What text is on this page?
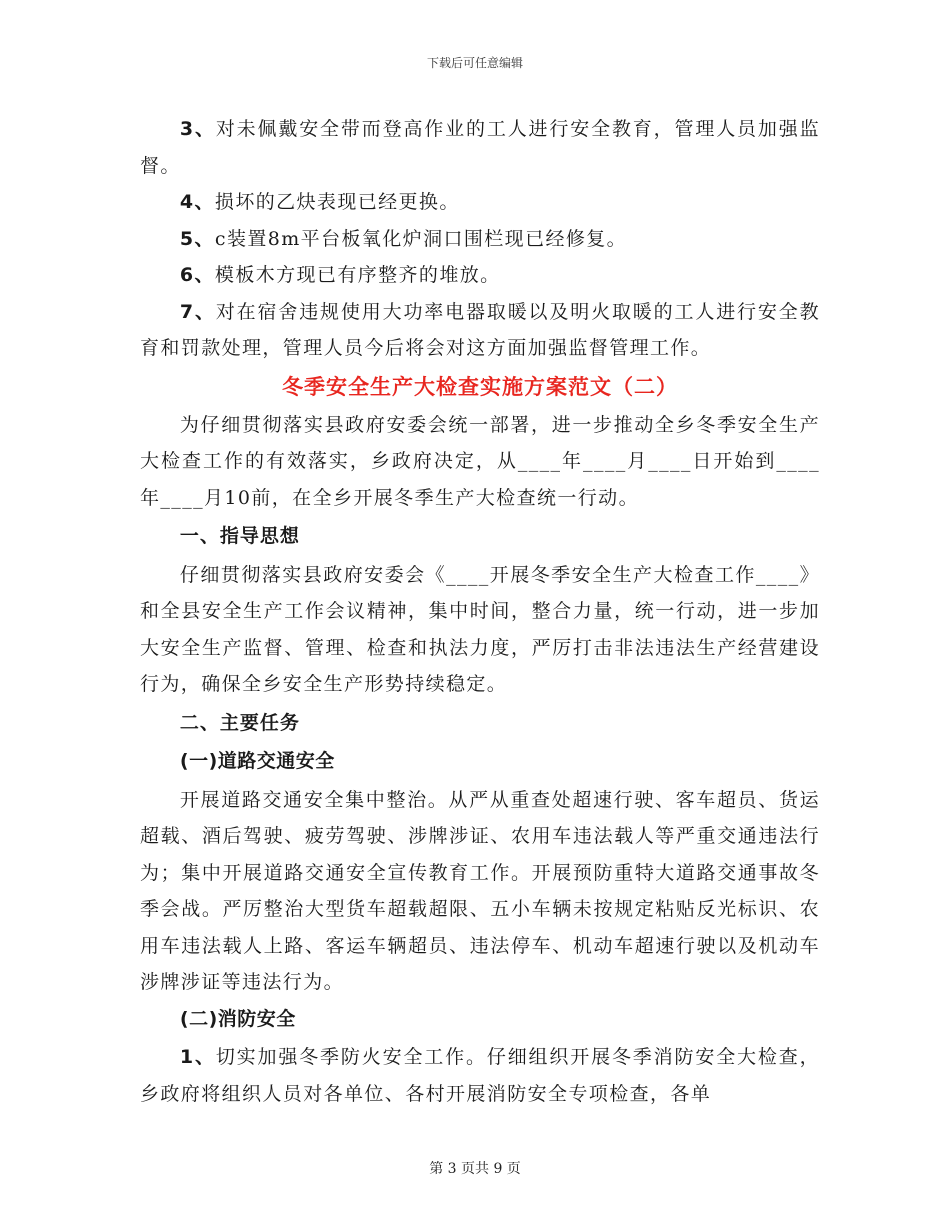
下载后可任意编辑

3、对未佩戴安全带而登高作业的工人进行安全教育，管理人员加强监督。

4、损坏的乙炔表现已经更换。

5、c装置8m平台板氧化炉洞口围栏现已经修复。

6、模板木方现已有序整齐的堆放。

7、对在宿舍违规使用大功率电器取暖以及明火取暖的工人进行安全教育和罚款处理，管理人员今后将会对这方面加强监督管理工作。

冬季安全生产大检查实施方案范文（二）

为仔细贯彻落实县政府安委会统一部署，进一步推动全乡冬季安全生产大检查工作的有效落实，乡政府决定，从____年____月____日开始到____年____月10前，在全乡开展冬季生产大检查统一行动。

一、指导思想

仔细贯彻落实县政府安委会《____开展冬季安全生产大检查工作____》和全县安全生产工作会议精神，集中时间，整合力量，统一行动，进一步加大安全生产监督、管理、检查和执法力度，严厉打击非法违法生产经营建设行为，确保全乡安全生产形势持续稳定。

二、主要任务
(一)道路交通安全

开展道路交通安全集中整治。从严从重查处超速行驶、客车超员、货运超载、酒后驾驶、疲劳驾驶、涉牌涉证、农用车违法载人等严重交通违法行为；集中开展道路交通安全宣传教育工作。开展预防重特大道路交通事故冬季会战。严厉整治大型货车超载超限、五小车辆未按规定粘贴反光标识、农用车违法载人上路、客运车辆超员、违法停车、机动车超速行驶以及机动车涉牌涉证等违法行为。

(二)消防安全

1、切实加强冬季防火安全工作。仔细组织开展冬季消防安全大检查，乡政府将组织人员对各单位、各村开展消防安全专项检查，各单

第 3 页共 9 页
